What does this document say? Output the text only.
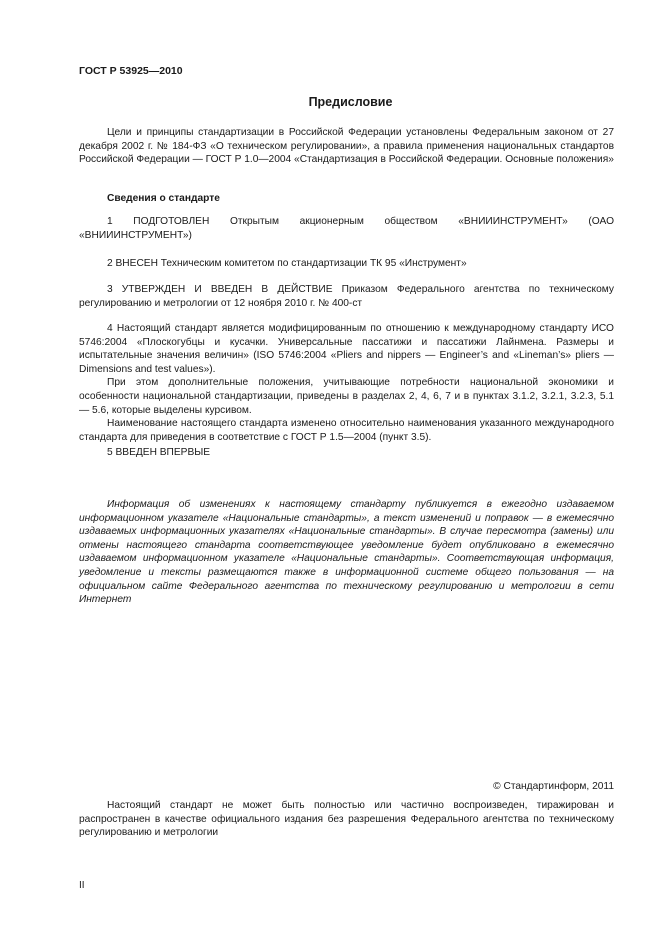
ГОСТ Р 53925—2010
Предисловие

Цели и принципы стандартизации в Российской Федерации установлены Федеральным законом от 27 декабря 2002 г. № 184-ФЗ «О техническом регулировании», а правила применения национальных стандартов Российской Федерации — ГОСТ Р 1.0—2004 «Стандартизация в Российской Федерации. Основные положения»

Сведения о стандарте

1 ПОДГОТОВЛЕН Открытым акционерным обществом «ВНИИИНСТРУМЕНТ» (ОАО «ВНИИИНСТРУМЕНТ»)

2 ВНЕСЕН Техническим комитетом по стандартизации ТК 95 «Инструмент»

3 УТВЕРЖДЕН И ВВЕДЕН В ДЕЙСТВИЕ Приказом Федерального агентства по техническому регулированию и метрологии от 12 ноября 2010 г. № 400-ст

4 Настоящий стандарт является модифицированным по отношению к международному стандарту ИСО 5746:2004 «Плоскогубцы и кусачки. Универсальные пассатижи и пассатижи Лайнмена. Размеры и испытательные значения величин» (ISO 5746:2004 «Pliers and nippers — Engineer’s and «Lineman’s» pliers — Dimensions and test values»).

При этом дополнительные положения, учитывающие потребности национальной экономики и особенности национальной стандартизации, приведены в разделах 2, 4, 6, 7 и в пунктах 3.1.2, 3.2.1, 3.2.3, 5.1 — 5.6, которые выделены курсивом.

Наименование настоящего стандарта изменено относительно наименования указанного международного стандарта для приведения в соответствие с ГОСТ Р 1.5—2004 (пункт 3.5).

5 ВВЕДЕН ВПЕРВЫЕ

Информация об изменениях к настоящему стандарту публикуется в ежегодно издаваемом информационном указателе «Национальные стандарты», а текст изменений и поправок — в ежемесячно издаваемых информационных указателях «Национальные стандарты». В случае пересмотра (замены) или отмены настоящего стандарта соответствующее уведомление будет опубликовано в ежемесячно издаваемом информационном указателе «Национальные стандарты». Соответствующая информация, уведомление и тексты размещаются также в информационной системе общего пользования — на официальном сайте Федерального агентства по техническому регулированию и метрологии в сети Интернет

© Стандартинформ, 2011

Настоящий стандарт не может быть полностью или частично воспроизведен, тиражирован и распространен в качестве официального издания без разрешения Федерального агентства по техническому регулированию и метрологии

II
